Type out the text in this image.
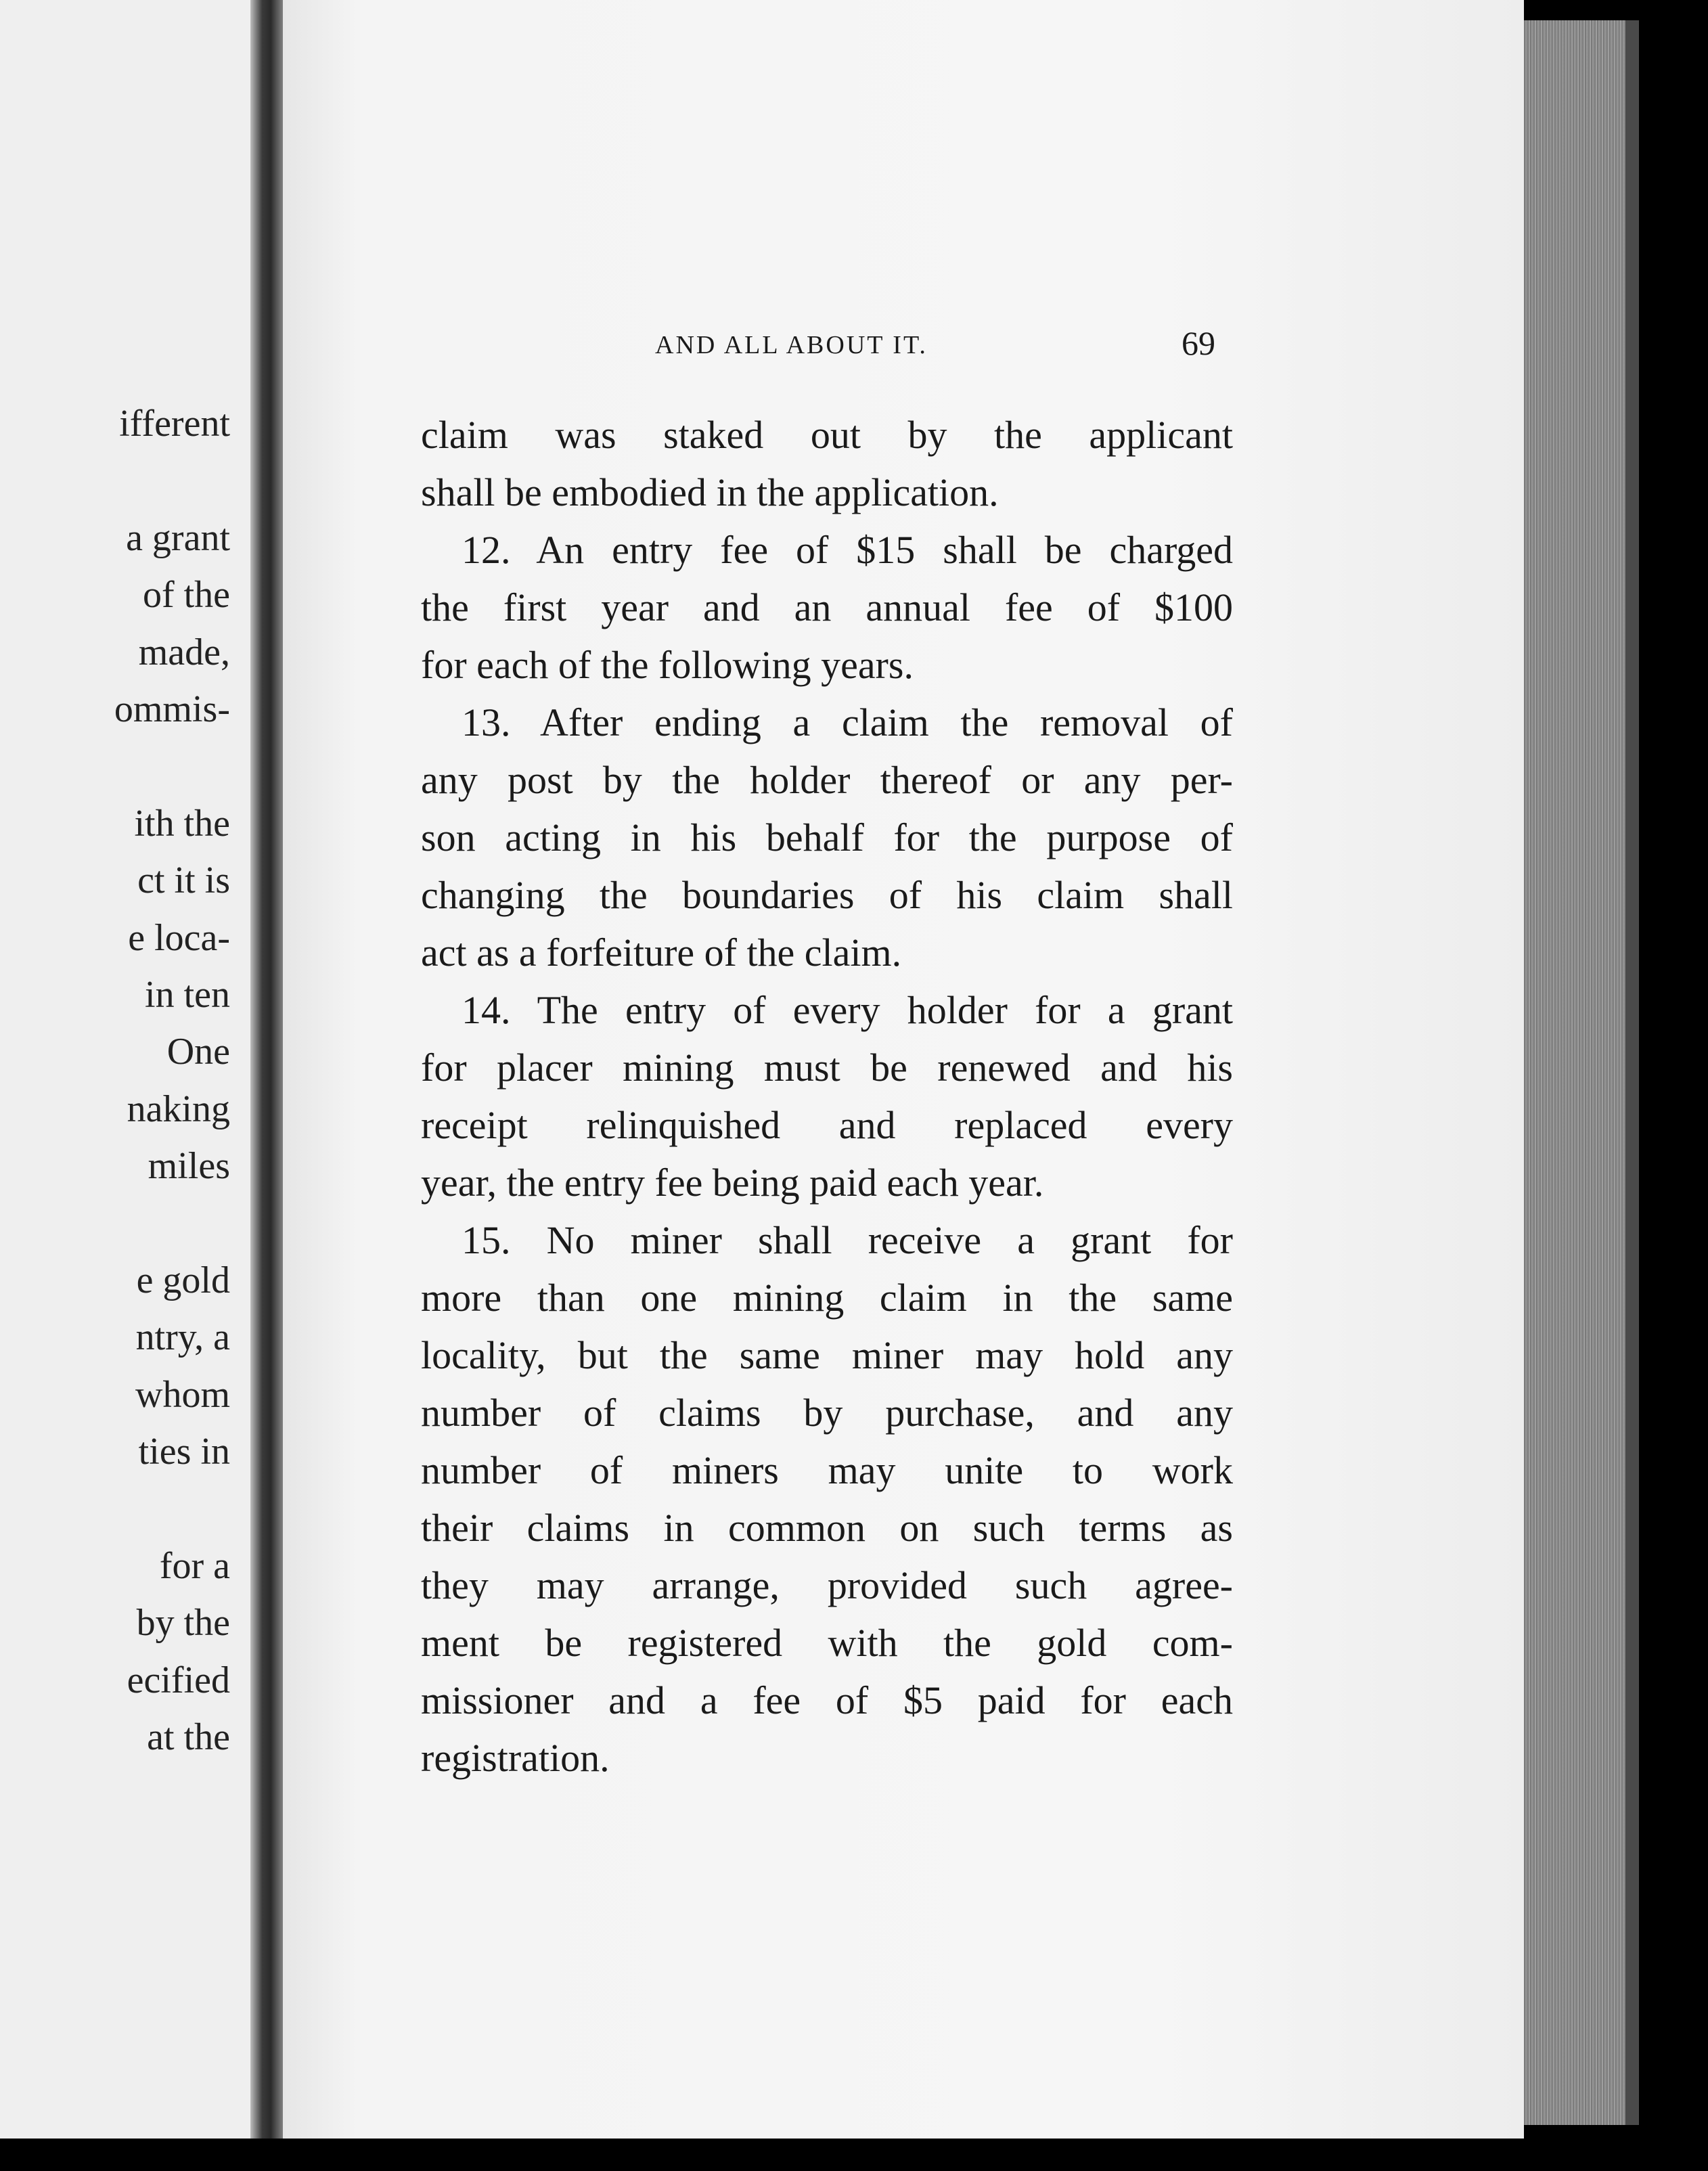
ifferent
a grant
of the
made,
ommis-
ith the
ct it is
e loca-
in ten
One
naking
miles
e gold
ntry, a
whom
ties in
for a
by the
ecified
at the
AND ALL ABOUT IT.	69
claim was staked out by the applicant
shall be embodied in the application.
12. An entry fee of $15 shall be charged
the first year and an annual fee of $100
for each of the following years.
13. After ending a claim the removal of
any post by the holder thereof or any per-
son acting in his behalf for the purpose of
changing the boundaries of his claim shall
act as a forfeiture of the claim.
14. The entry of every holder for a grant
for placer mining must be renewed and his
receipt relinquished and replaced every
year, the entry fee being paid each year.
15. No miner shall receive a grant for
more than one mining claim in the same
locality, but the same miner may hold any
number of claims by purchase, and any
number of miners may unite to work
their claims in common on such terms as
they may arrange, provided such agree-
ment be registered with the gold com-
missioner and a fee of $5 paid for each
registration.
